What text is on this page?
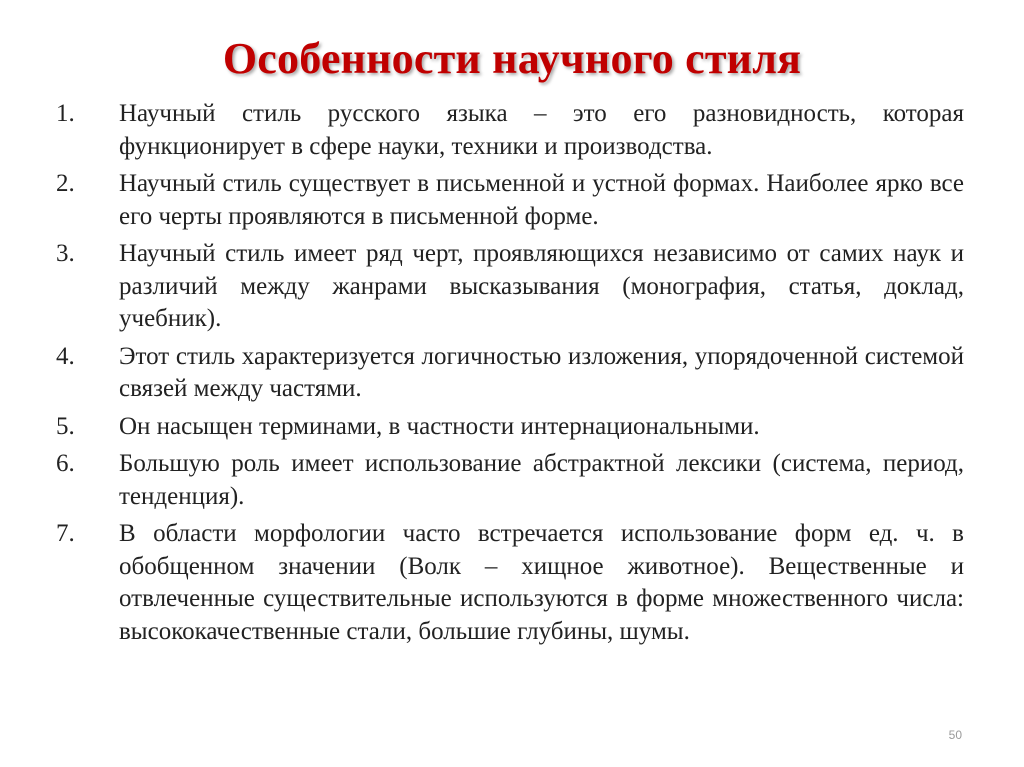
Особенности научного стиля
1.	Научный стиль русского языка – это его разновидность, которая функционирует в сфере науки, техники и производства.
2.	Научный стиль существует в письменной и устной формах. Наиболее ярко все его черты проявляются в письменной форме.
3.	Научный стиль имеет ряд черт, проявляющихся независимо от самих наук и различий между жанрами высказывания (монография, статья, доклад, учебник).
4.	Этот стиль характеризуется логичностью изложения, упорядоченной системой связей между частями.
5.	Он насыщен терминами, в частности интернациональными.
6.	Большую роль имеет использование абстрактной лексики (система, период, тенденция).
7.	В области морфологии часто встречается использование форм ед. ч. в обобщенном значении (Волк – хищное животное). Вещественные и отвлеченные существительные используются в форме множественного числа: высококачественные стали, большие глубины, шумы.
50
